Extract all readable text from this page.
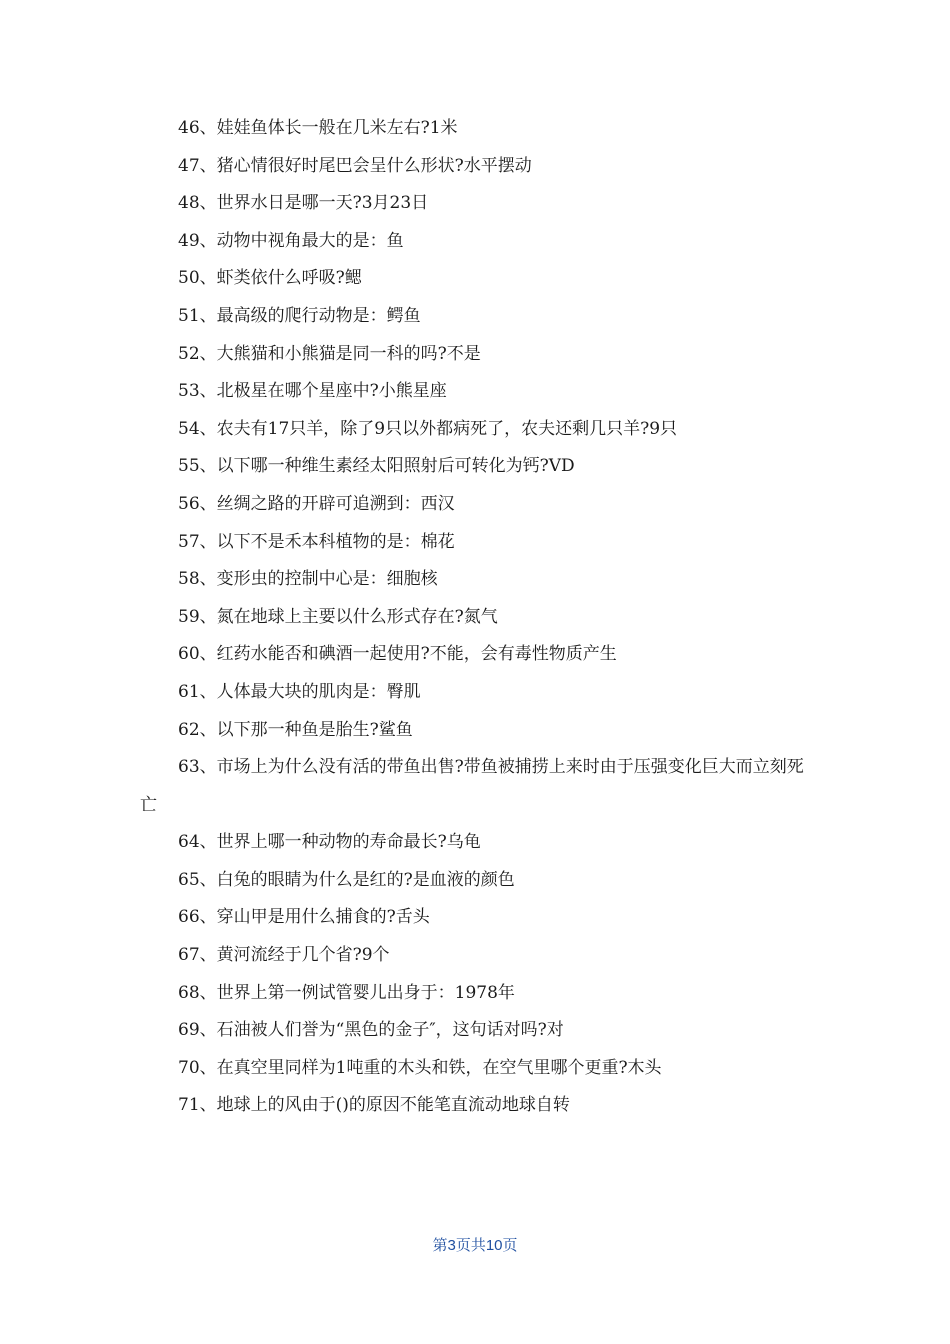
46、娃娃鱼体长一般在几米左右?1米

47、猪心情很好时尾巴会呈什么形状?水平摆动

48、世界水日是哪一天?3月23日

49、动物中视角最大的是：鱼

50、虾类依什么呼吸?鳃

51、最高级的爬行动物是：鳄鱼

52、大熊猫和小熊猫是同一科的吗?不是

53、北极星在哪个星座中?小熊星座

54、农夫有17只羊，除了9只以外都病死了，农夫还剩几只羊?9只

55、以下哪一种维生素经太阳照射后可转化为钙?VD

56、丝绸之路的开辟可追溯到：西汉

57、以下不是禾本科植物的是：棉花

58、变形虫的控制中心是：细胞核

59、氮在地球上主要以什么形式存在?氮气

60、红药水能否和碘酒一起使用?不能，会有毒性物质产生

61、人体最大块的肌肉是：臀肌

62、以下那一种鱼是胎生?鲨鱼

63、市场上为什么没有活的带鱼出售?带鱼被捕捞上来时由于压强变化巨大而立刻死亡

64、世界上哪一种动物的寿命最长?乌龟

65、白兔的眼睛为什么是红的?是血液的颜色

66、穿山甲是用什么捕食的?舌头

67、黄河流经于几个省?9个

68、世界上第一例试管婴儿出身于：1978年

69、石油被人们誉为“黑色的金子″，这句话对吗?对

70、在真空里同样为1吨重的木头和铁，在空气里哪个更重?木头

71、地球上的风由于()的原因不能笔直流动地球自转

第3页共10页
